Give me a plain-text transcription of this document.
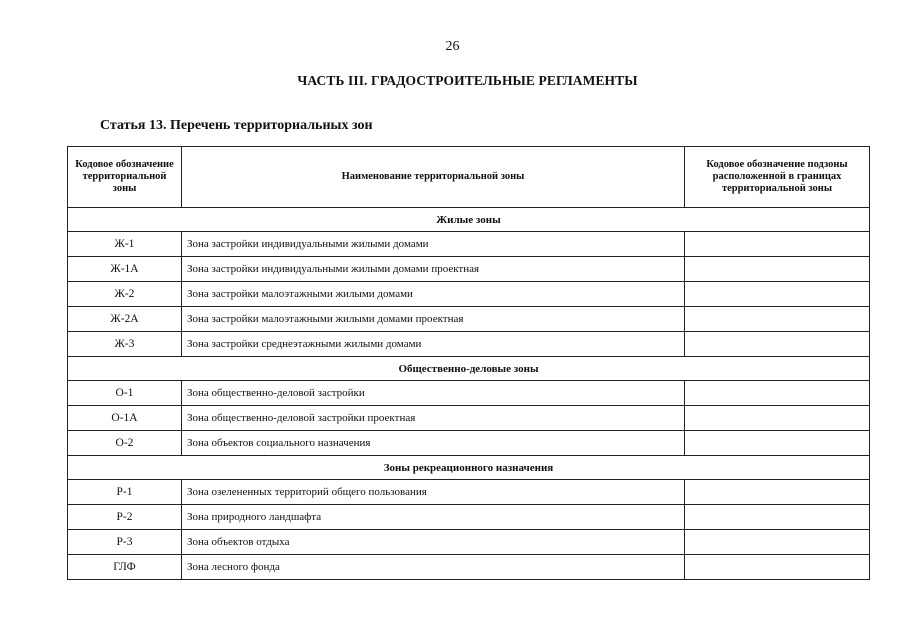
26
ЧАСТЬ III. ГРАДОСТРОИТЕЛЬНЫЕ РЕГЛАМЕНТЫ
Статья 13. Перечень территориальных зон
Кодовое обозначение территориальной зоны	Наименование территориальной зоны	Кодовое обозначение подзоны расположенной в границах территориальной зоны
Жилые зоны		
Ж-1	Зона застройки индивидуальными жилыми домами	
Ж-1А	Зона застройки индивидуальными жилыми домами проектная	
Ж-2	Зона застройки малоэтажными жилыми домами	
Ж-2А	Зона застройки малоэтажными жилыми домами проектная	
Ж-3	Зона застройки среднеэтажными жилыми домами	
Общественно-деловые зоны		
О-1	Зона общественно-деловой застройки	
О-1А	Зона общественно-деловой застройки проектная	
О-2	Зона объектов социального назначения	
Зоны рекреационного назначения		
Р-1	Зона озелененных территорий общего пользования	
Р-2	Зона природного ландшафта	
Р-3	Зона объектов отдыха	
ГЛФ	Зона лесного фонда	
